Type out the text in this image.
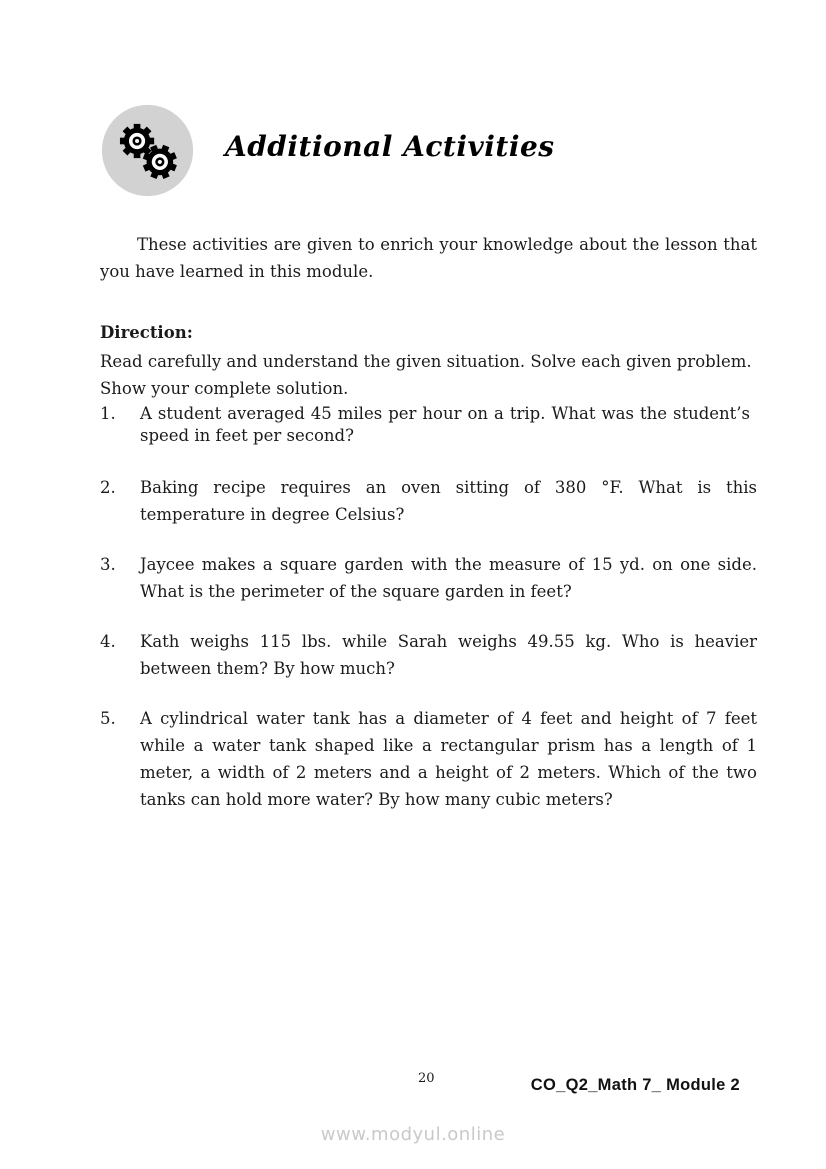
Additional Activities

These activities are given to enrich your knowledge about the lesson that you have learned in this module.

Direction:

Read carefully and understand the given situation. Solve each given problem. Show your complete solution.

1.	A student averaged 45 miles per hour on a trip. What was the student’s speed in feet per second?
2.	Baking recipe requires an oven sitting of 380 °F. What is this temperature in degree Celsius?
3.	Jaycee makes a square garden with the measure of 15 yd. on one side. What is the perimeter of the square garden in feet?
4.	Kath weighs 115 lbs. while Sarah weighs 49.55 kg. Who is heavier between them? By how much?
5.	A cylindrical water tank has a diameter of 4 feet and height of 7 feet while a water tank shaped like a rectangular prism has a length of 1 meter, a width of 2 meters and a height of 2 meters. Which of the two tanks can hold more water? By how many cubic meters?
20	CO_Q2_Math 7_ Module 2
www.modyul.online
